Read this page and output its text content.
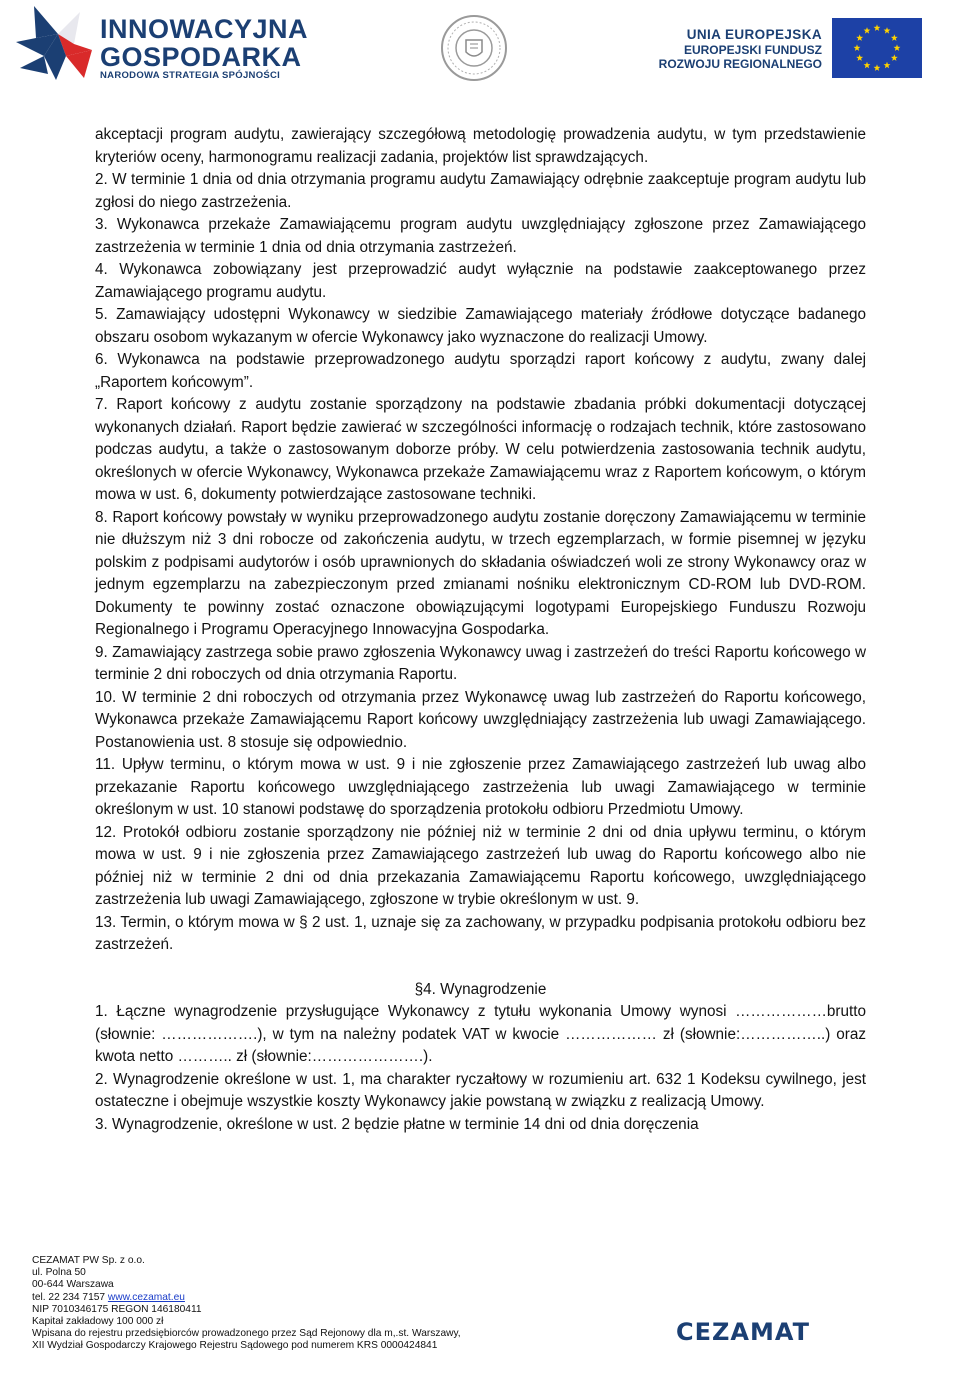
INNOWACYJNA
GOSPODARKA
NARODOWA STRATEGIA SPÓJNOŚCI
UNIA EUROPEJSKA
EUROPEJSKI FUNDUSZ
ROZWOJU REGIONALNEGO

akceptacji program audytu, zawierający szczegółową metodologię prowadzenia audytu, w tym przedstawienie kryteriów oceny, harmonogramu realizacji zadania, projektów list sprawdzających.

2. W terminie 1 dnia od dnia otrzymania programu audytu Zamawiający odrębnie zaakceptuje program audytu lub zgłosi do niego zastrzeżenia.

3. Wykonawca przekaże Zamawiającemu program audytu uwzględniający zgłoszone przez Zamawiającego zastrzeżenia w terminie 1 dnia od dnia otrzymania zastrzeżeń.

4. Wykonawca zobowiązany jest przeprowadzić audyt wyłącznie na podstawie zaakceptowanego przez Zamawiającego programu audytu.

5. Zamawiający udostępni Wykonawcy w siedzibie Zamawiającego materiały źródłowe dotyczące badanego obszaru osobom wykazanym w ofercie Wykonawcy jako wyznaczone do realizacji Umowy.

6. Wykonawca na podstawie przeprowadzonego audytu sporządzi raport końcowy z audytu, zwany dalej „Raportem końcowym”.

7. Raport końcowy z audytu zostanie sporządzony na podstawie zbadania próbki dokumentacji dotyczącej wykonanych działań. Raport będzie zawierać w szczególności informację o rodzajach technik, które zastosowano podczas audytu, a także o zastosowanym doborze próby. W celu potwierdzenia zastosowania technik audytu, określonych w ofercie Wykonawcy, Wykonawca przekaże Zamawiającemu wraz z Raportem końcowym, o którym mowa w ust. 6, dokumenty potwierdzające zastosowane techniki.

8. Raport końcowy powstały w wyniku przeprowadzonego audytu zostanie doręczony Zamawiającemu w terminie nie dłuższym niż 3 dni robocze od zakończenia audytu, w trzech egzemplarzach, w formie pisemnej w języku polskim z podpisami audytorów i osób uprawnionych do składania oświadczeń woli ze strony Wykonawcy oraz w jednym egzemplarzu na zabezpieczonym przed zmianami nośniku elektronicznym CD-ROM lub DVD-ROM. Dokumenty te powinny zostać oznaczone obowiązującymi logotypami Europejskiego Funduszu Rozwoju Regionalnego i Programu Operacyjnego Innowacyjna Gospodarka.

9. Zamawiający zastrzega sobie prawo zgłoszenia Wykonawcy uwag i zastrzeżeń do treści Raportu końcowego w terminie 2 dni roboczych od dnia otrzymania Raportu.

10. W terminie 2 dni roboczych od otrzymania przez Wykonawcę uwag lub zastrzeżeń do Raportu końcowego, Wykonawca przekaże Zamawiającemu Raport końcowy uwzględniający zastrzeżenia lub uwagi Zamawiającego. Postanowienia ust. 8 stosuje się odpowiednio.

11. Upływ terminu, o którym mowa w ust. 9 i nie zgłoszenie przez Zamawiającego zastrzeżeń lub uwag albo przekazanie Raportu końcowego uwzględniającego zastrzeżenia lub uwagi Zamawiającego w terminie określonym w ust. 10 stanowi podstawę do sporządzenia protokołu odbioru Przedmiotu Umowy.

12. Protokół odbioru zostanie sporządzony nie później niż w terminie 2 dni od dnia upływu terminu, o którym mowa w ust. 9 i nie zgłoszenia przez Zamawiającego zastrzeżeń lub uwag do Raportu końcowego albo nie później niż w terminie 2 dni od dnia przekazania Zamawiającemu Raportu końcowego, uwzględniającego zastrzeżenia lub uwagi Zamawiającego, zgłoszone w trybie określonym w ust. 9.

13. Termin, o którym mowa w § 2 ust. 1, uznaje się za zachowany, w przypadku podpisania protokołu odbioru bez zastrzeżeń.

§4. Wynagrodzenie

1. Łączne wynagrodzenie przysługujące Wykonawcy z tytułu wykonania Umowy wynosi ………………brutto (słownie: ……………….), w tym na należny podatek VAT w kwocie ……………… zł (słownie:……………..) oraz kwota netto ……….. zł (słownie:………………….).

2. Wynagrodzenie określone w ust. 1, ma charakter ryczałtowy w rozumieniu art. 632 1 Kodeksu cywilnego, jest ostateczne i obejmuje wszystkie koszty Wykonawcy jakie powstaną w związku z realizacją Umowy.

3. Wynagrodzenie, określone w ust. 2 będzie płatne w terminie 14 dni od dnia doręczenia

CEZAMAT PW Sp. z o.o.
ul. Polna 50
00-644 Warszawa
tel. 22 234 7157 www.cezamat.eu
NIP 7010346175 REGON 146180411
Kapitał zakładowy 100 000 zł
Wpisana do rejestru przedsiębiorców prowadzonego przez Sąd Rejonowy dla m,.st. Warszawy,
XII Wydział Gospodarczy Krajowego Rejestru Sądowego pod numerem KRS 0000424841	CEZAMAT
